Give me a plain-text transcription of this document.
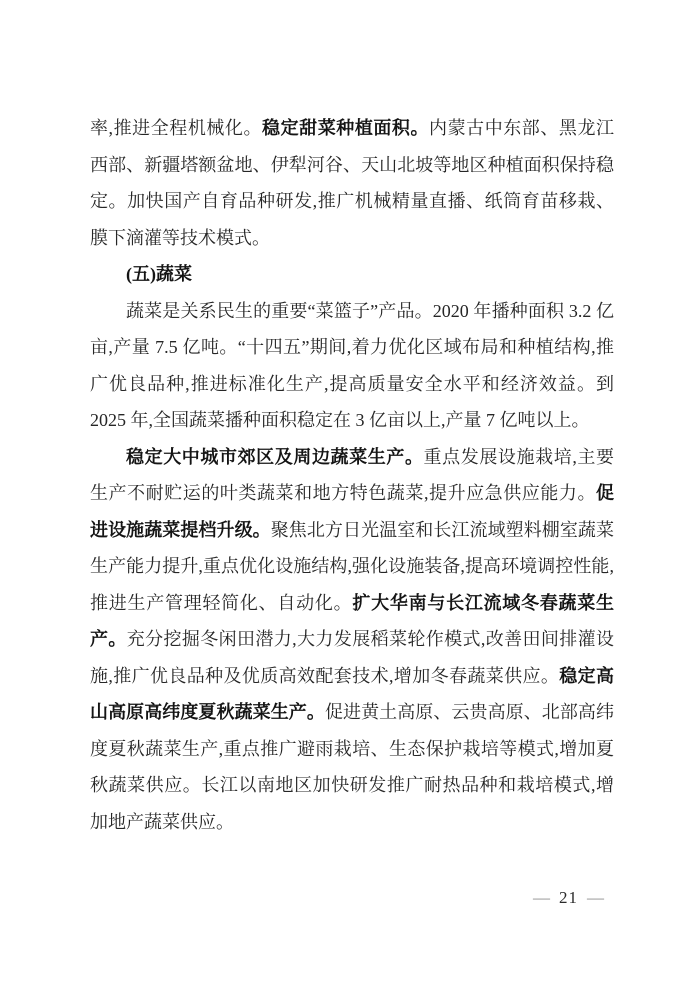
率,推进全程机械化。稳定甜菜种植面积。内蒙古中东部、黑龙江西部、新疆塔额盆地、伊犁河谷、天山北坡等地区种植面积保持稳定。加快国产自育品种研发,推广机械精量直播、纸筒育苗移栽、膜下滴灌等技术模式。

(五)蔬菜

蔬菜是关系民生的重要“菜篮子”产品。2020 年播种面积 3.2 亿亩,产量 7.5 亿吨。“十四五”期间,着力优化区域布局和种植结构,推广优良品种,推进标准化生产,提高质量安全水平和经济效益。到 2025 年,全国蔬菜播种面积稳定在 3 亿亩以上,产量 7 亿吨以上。

稳定大中城市郊区及周边蔬菜生产。重点发展设施栽培,主要生产不耐贮运的叶类蔬菜和地方特色蔬菜,提升应急供应能力。促进设施蔬菜提档升级。聚焦北方日光温室和长江流域塑料棚室蔬菜生产能力提升,重点优化设施结构,强化设施装备,提高环境调控性能,推进生产管理轻简化、自动化。扩大华南与长江流域冬春蔬菜生产。充分挖掘冬闲田潜力,大力发展稻菜轮作模式,改善田间排灌设施,推广优良品种及优质高效配套技术,增加冬春蔬菜供应。稳定高山高原高纬度夏秋蔬菜生产。促进黄土高原、云贵高原、北部高纬度夏秋蔬菜生产,重点推广避雨栽培、生态保护栽培等模式,增加夏秋蔬菜供应。长江以南地区加快研发推广耐热品种和栽培模式,增加地产蔬菜供应。

— 21 —
